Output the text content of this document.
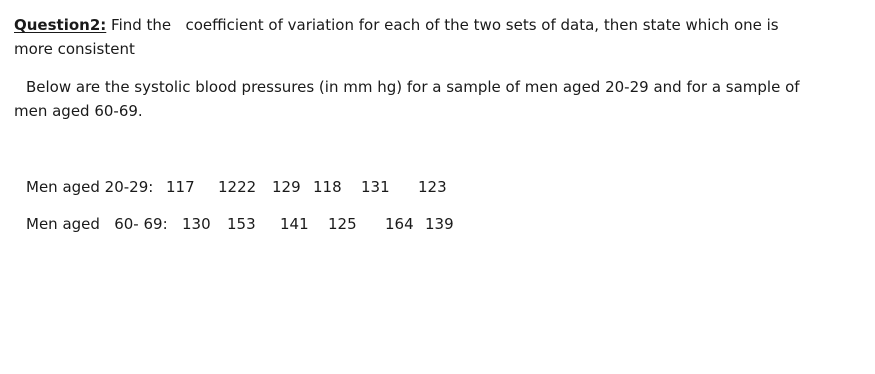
Question2: Find the   coefficient of variation for each of the two sets of data, then state which one is
more consistent
Below are the systolic blood pressures (in mm hg) for a sample of men aged 20-29 and for a sample of
men aged 60-69.

Men aged 20-29:

117

1222

129

118

131

123

Men aged   60- 69:

130

153

141

125

164

139
